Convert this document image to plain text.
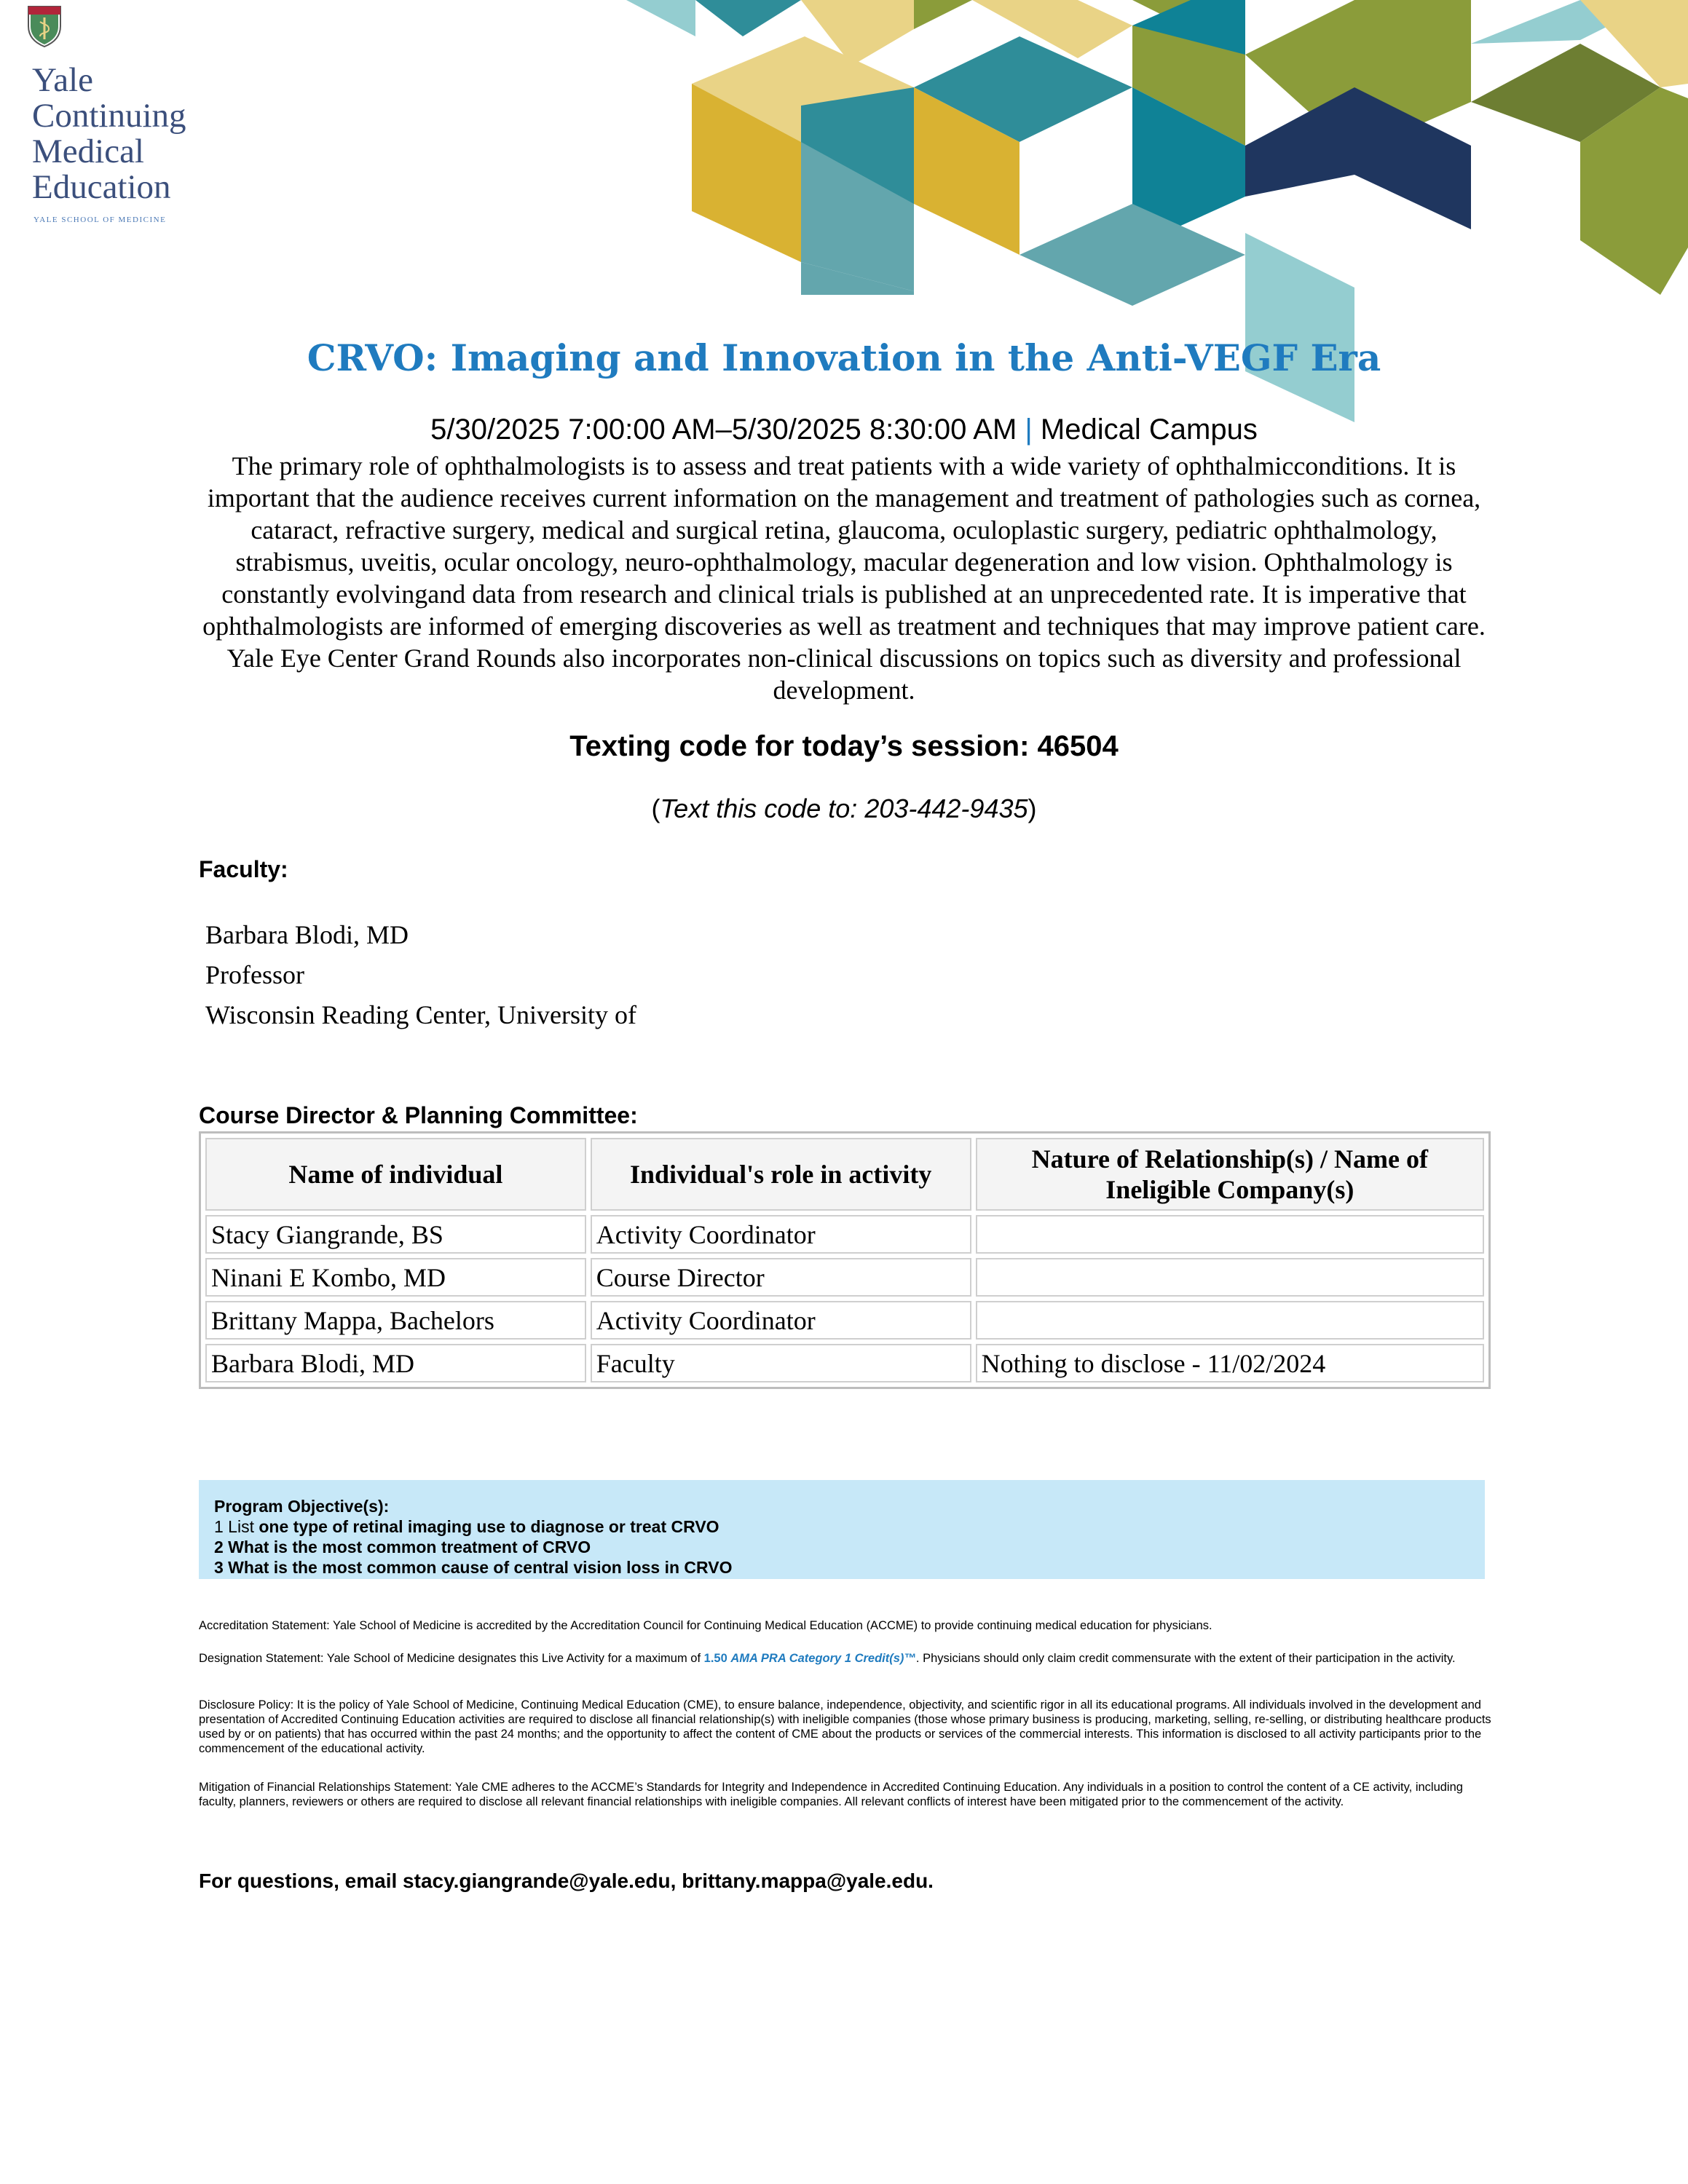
Yale
Continuing
Medical
Education
YALE SCHOOL OF MEDICINE
CRVO: Imaging and Innovation in the Anti-VEGF Era
5/30/2025 7:00:00 AM–5/30/2025 8:30:00 AM | Medical Campus

The primary role of ophthalmologists is to assess and treat patients with a wide variety of ophthalmicconditions. It is important that the audience receives current information on the management and treatment of pathologies such as cornea, cataract, refractive surgery, medical and surgical retina, glaucoma, oculoplastic surgery, pediatric ophthalmology, strabismus, uveitis, ocular oncology, neuro-ophthalmology, macular degeneration and low vision. Ophthalmology is constantly evolvingand data from research and clinical trials is published at an unprecedented rate. It is imperative that ophthalmologists are informed of emerging discoveries as well as treatment and techniques that may improve patient care. Yale Eye Center Grand Rounds also incorporates non-clinical discussions on topics such as diversity and professional development.

Texting code for today’s session: 46504
(Text this code to: 203-442-9435)
Faculty:
Barbara Blodi, MD
Professor
Wisconsin Reading Center, University of
Course Director & Planning Committee:
Name of individual	Individual's role in activity	Nature of Relationship(s) / Name of Ineligible Company(s)
Stacy Giangrande, BS	Activity Coordinator	
Ninani E Kombo, MD	Course Director	
Brittany Mappa, Bachelors	Activity Coordinator	
Barbara Blodi, MD	Faculty	Nothing to disclose - 11/02/2024
Program Objective(s):
1 List one type of retinal imaging use to diagnose or treat CRVO
2 What is the most common treatment of CRVO
3 What is the most common cause of central vision loss in CRVO

Accreditation Statement: Yale School of Medicine is accredited by the Accreditation Council for Continuing Medical Education (ACCME) to provide continuing medical education for physicians.

Designation Statement: Yale School of Medicine designates this Live Activity for a maximum of 1.50 AMA PRA Category 1 Credit(s)™. Physicians should only claim credit commensurate with the extent of their participation in the activity.

Disclosure Policy: It is the policy of Yale School of Medicine, Continuing Medical Education (CME), to ensure balance, independence, objectivity, and scientific rigor in all its educational programs. All individuals involved in the development and presentation of Accredited Continuing Education activities are required to disclose all financial relationship(s) with ineligible companies (those whose primary business is producing, marketing, selling, re-selling, or distributing healthcare products used by or on patients) that has occurred within the past 24 months; and the opportunity to affect the content of CME about the products or services of the commercial interests. This information is disclosed to all activity participants prior to the commencement of the educational activity.

Mitigation of Financial Relationships Statement: Yale CME adheres to the ACCME’s Standards for Integrity and Independence in Accredited Continuing Education. Any individuals in a position to control the content of a CE activity, including faculty, planners, reviewers or others are required to disclose all relevant financial relationships with ineligible companies. All relevant conflicts of interest have been mitigated prior to the commencement of the activity.

For questions, email stacy.giangrande@yale.edu, brittany.mappa@yale.edu.
